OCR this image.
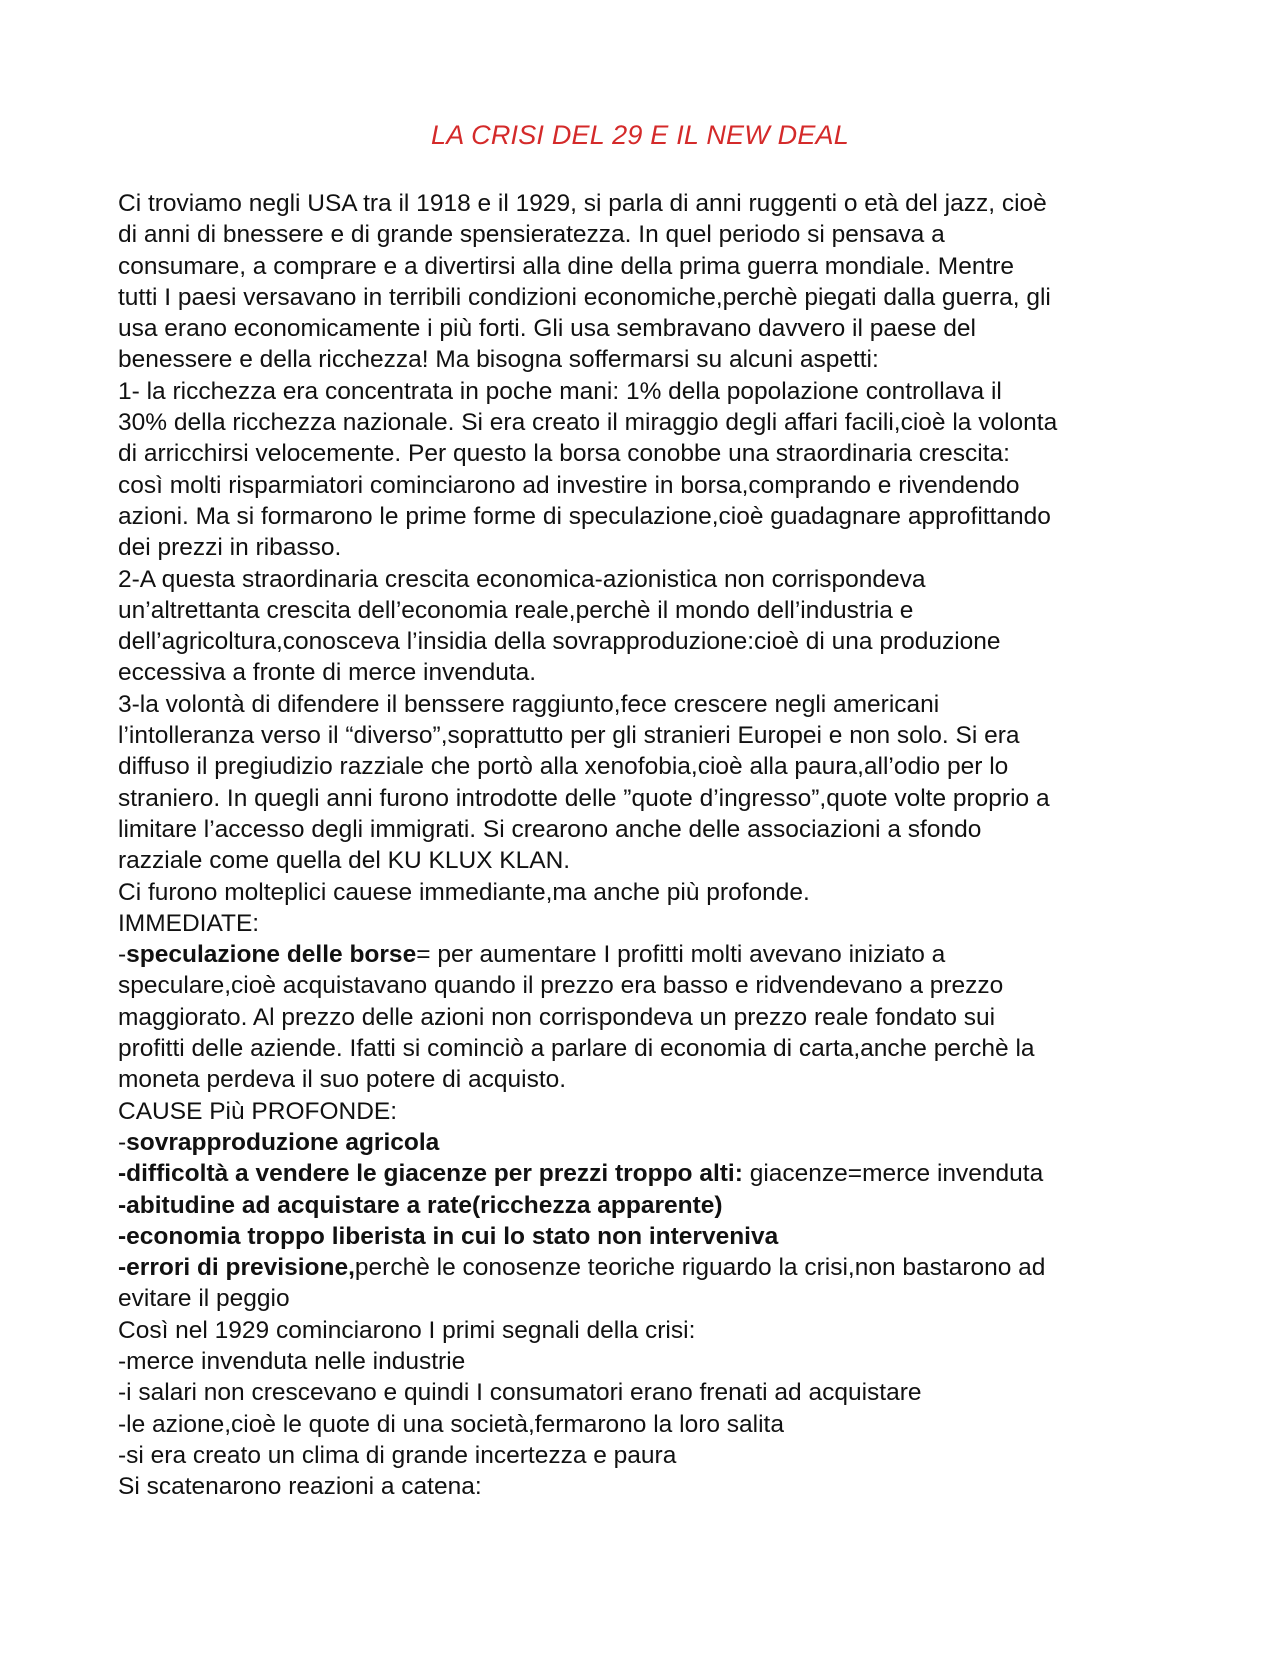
LA CRISI DEL 29 E IL NEW DEAL
Ci troviamo negli USA tra il 1918 e il 1929, si parla di anni ruggenti o età del jazz, cioè
di anni di bnessere e di grande spensieratezza. In quel periodo si pensava a
consumare, a comprare e a divertirsi alla dine della prima guerra mondiale. Mentre
tutti I paesi versavano in terribili condizioni economiche,perchè piegati dalla guerra, gli
usa erano economicamente i più forti. Gli usa sembravano davvero il paese del
benessere e della ricchezza! Ma bisogna soffermarsi su alcuni aspetti:
1- la ricchezza era concentrata in poche mani: 1% della popolazione controllava il
30% della ricchezza nazionale. Si era creato il miraggio degli affari facili,cioè la volonta
di arricchirsi velocemente. Per questo la borsa conobbe una straordinaria crescita:
così molti risparmiatori cominciarono ad investire in borsa,comprando e rivendendo
azioni. Ma si formarono le prime forme di speculazione,cioè guadagnare approfittando
dei prezzi in ribasso.
2-A questa straordinaria crescita economica-azionistica non corrispondeva
un’altrettanta crescita dell’economia reale,perchè il mondo dell’industria e
dell’agricoltura,conosceva l’insidia della sovrapproduzione:cioè di una produzione
eccessiva a fronte di merce invenduta.
3-la volontà di difendere il benssere raggiunto,fece crescere negli americani
l’intolleranza verso il “diverso”,soprattutto per gli stranieri Europei e non solo. Si era
diffuso il pregiudizio razziale che portò alla xenofobia,cioè alla paura,all’odio per lo
straniero. In quegli anni furono introdotte delle ”quote d’ingresso”,quote volte proprio a
limitare l’accesso degli immigrati. Si crearono anche delle associazioni a sfondo
razziale come quella del KU KLUX KLAN.
Ci furono molteplici cauese immediante,ma anche più profonde.
IMMEDIATE:
-speculazione delle borse= per aumentare I profitti molti avevano iniziato a
speculare,cioè acquistavano quando il prezzo era basso e ridvendevano a prezzo
maggiorato. Al prezzo delle azioni non corrispondeva un prezzo reale fondato sui
profitti delle aziende. Ifatti si cominciò a parlare di economia di carta,anche perchè la
moneta perdeva il suo potere di acquisto.
CAUSE Più PROFONDE:
-sovrapproduzione agricola
-difficoltà a vendere le giacenze per prezzi troppo alti: giacenze=merce invenduta
-abitudine ad acquistare a rate(ricchezza apparente)
-economia troppo liberista in cui lo stato non interveniva
-errori di previsione,perchè le conosenze teoriche riguardo la crisi,non bastarono ad
evitare il peggio
Così nel 1929 cominciarono I primi segnali della crisi:
-merce invenduta nelle industrie
-i salari non crescevano e quindi I consumatori erano frenati ad acquistare
-le azione,cioè le quote di una società,fermarono la loro salita
-si era creato un clima di grande incertezza e paura
Si scatenarono reazioni a catena:
